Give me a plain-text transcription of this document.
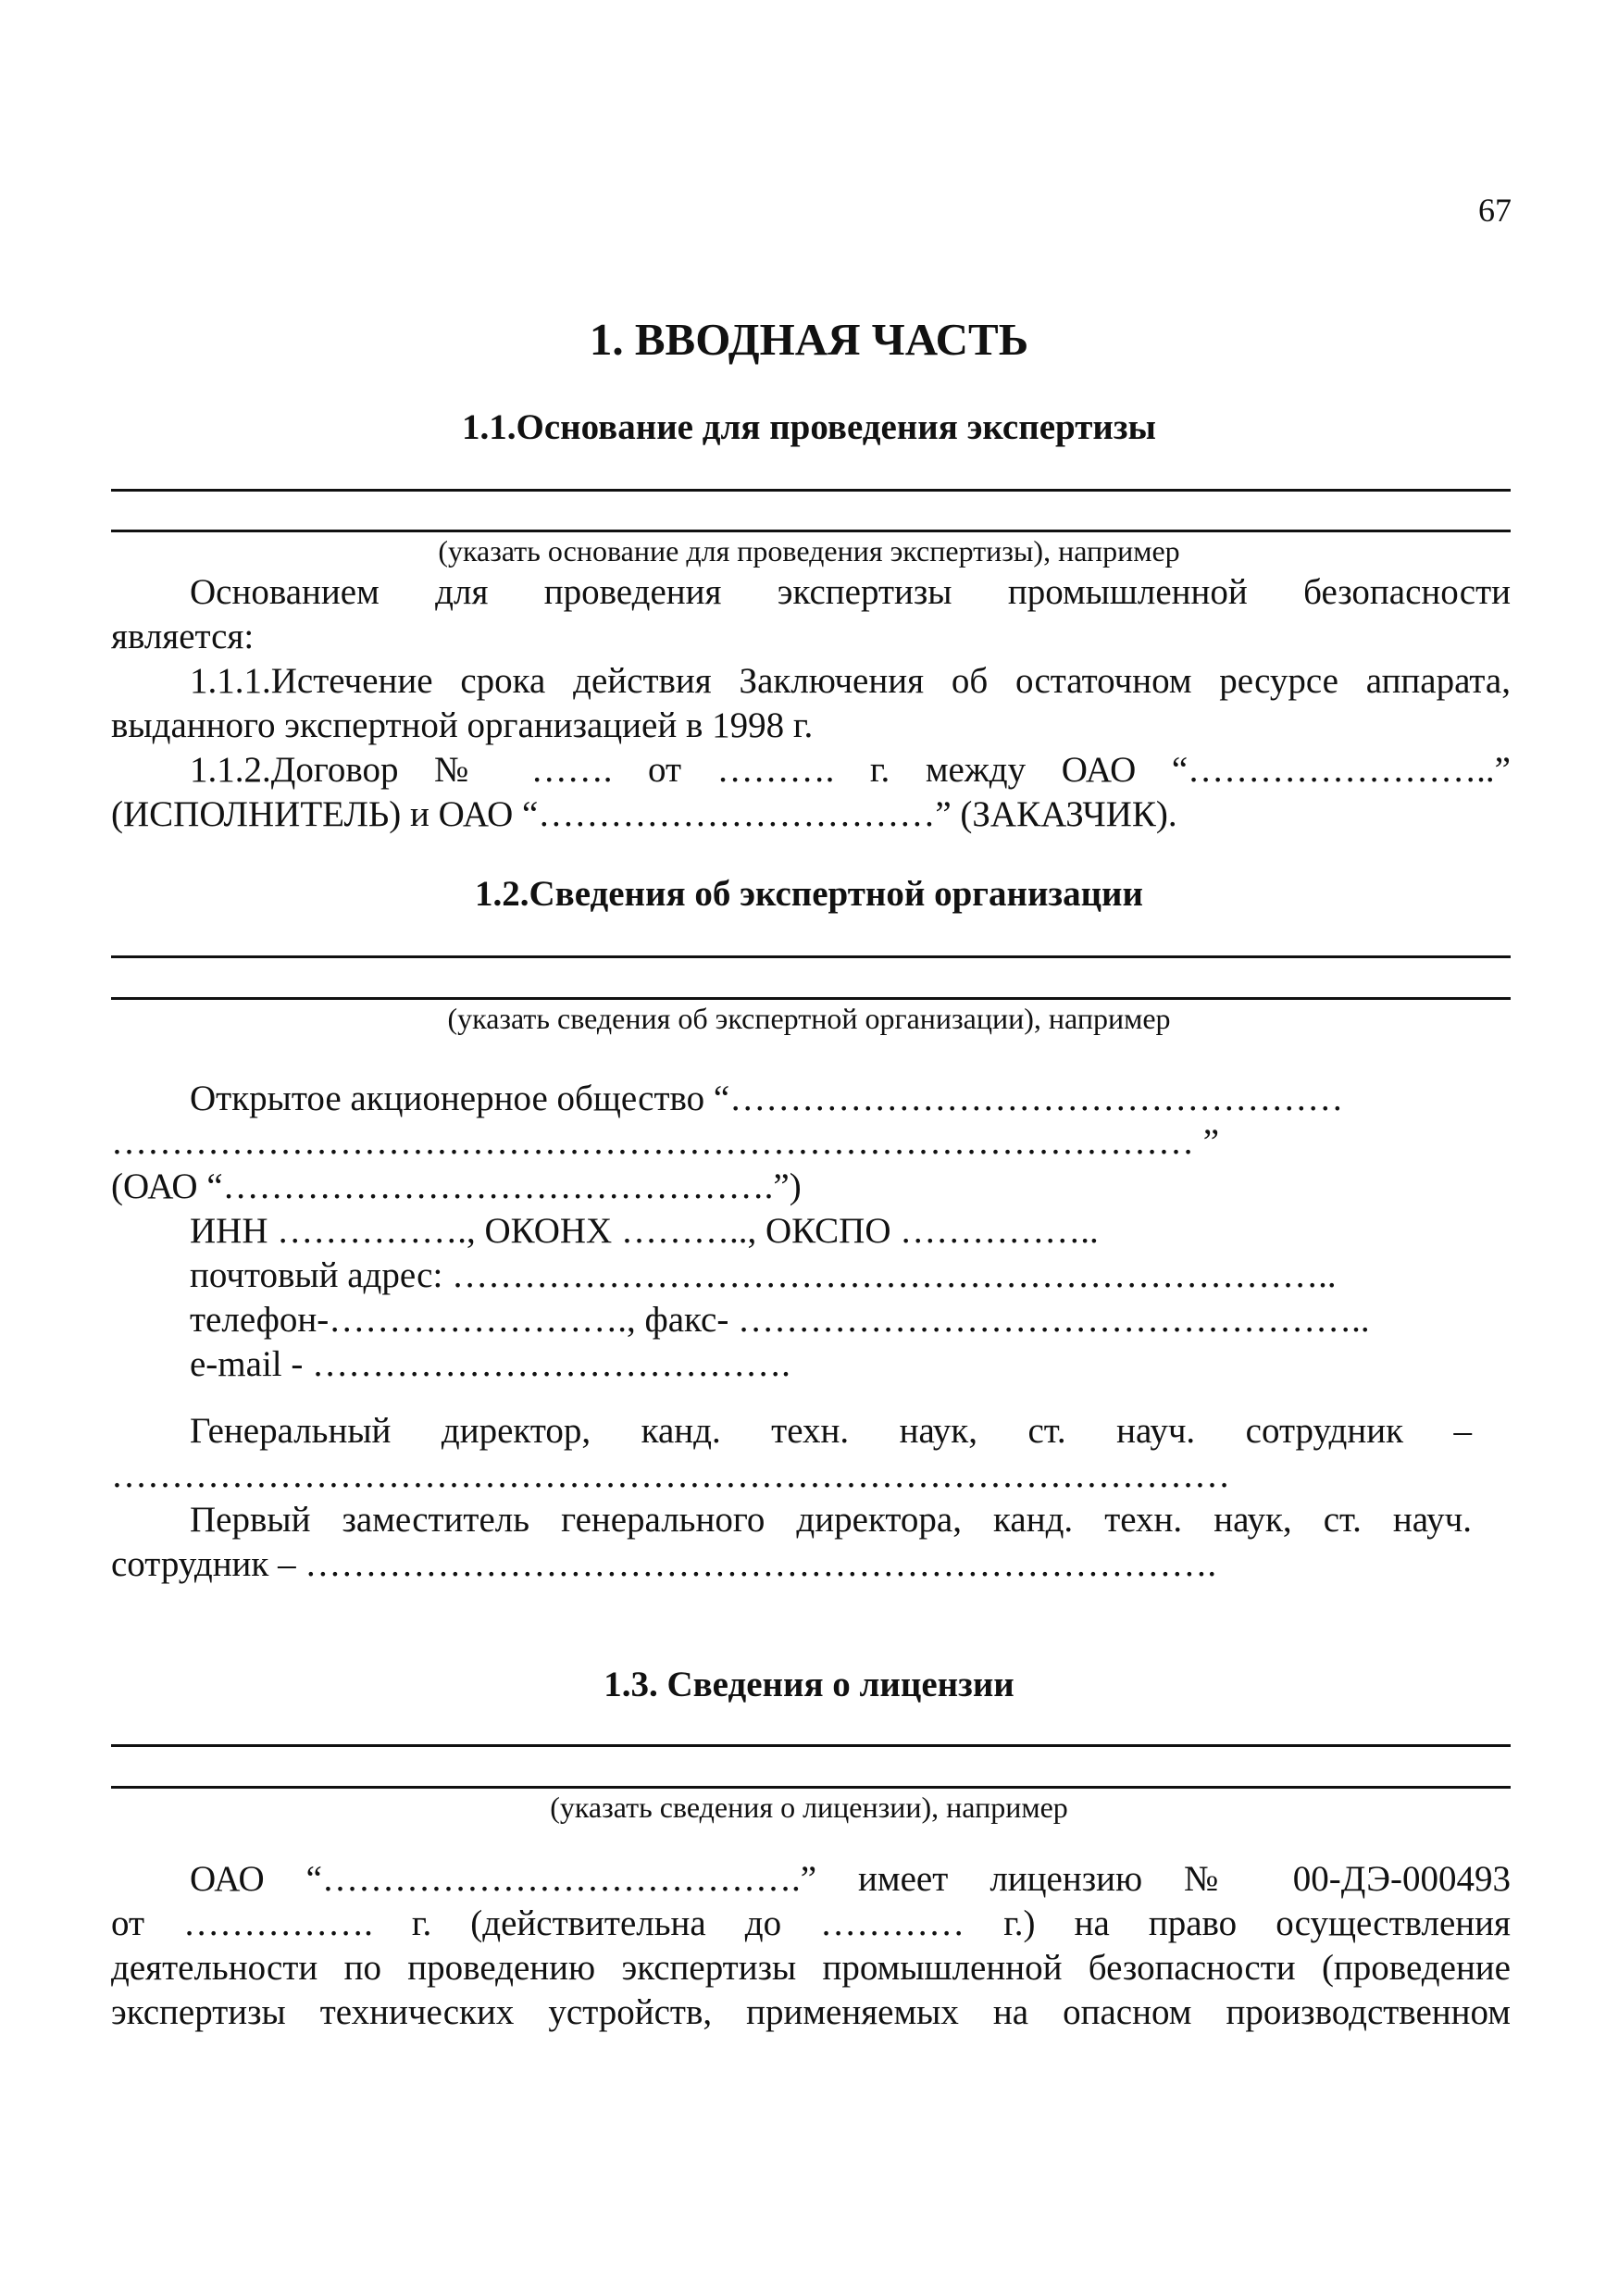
67
1. ВВОДНАЯ ЧАСТЬ
1.1.Основание для проведения экспертизы
(указать основание для проведения экспертизы), например
Основанием для проведения экспертизы промышленной безопасности
является:
1.1.1.Истечение срока действия Заключения об остаточном ресурсе аппарата,
выданного экспертной организацией в 1998 г.
1.1.2.Договор № ……. от ………. г. между ОАО “……………………..”
(ИСПОЛНИТЕЛЬ) и ОАО “……………………………” (ЗАКАЗЧИК).
1.2.Сведения об экспертной организации
(указать сведения об экспертной организации), например
Открытое акционерное общество “……………………………………………
……………………………………………………………………………… ”
(ОАО “……………………………………….”)
ИНН ……………., ОКОНХ ……….., ОКСПО ……………..
почтовый адрес: ………………………………………………………………..
телефон-……………………., факс- ……………………………………………..
e-mail - ………………………………….
Генеральный директор, канд. техн. наук, ст. науч. сотрудник –
…………………………………………………………………………………
Первый заместитель генерального директора, канд. техн. наук, ст. науч.
сотрудник – ………………………………………………………………….
1.3. Сведения о лицензии
(указать сведения о лицензии), например
ОАО “………………………………….” имеет лицензию № 00-ДЭ-000493
от ……………. г. (действительна до ………… г.) на право осуществления
деятельности по проведению экспертизы промышленной безопасности (проведение
экспертизы технических устройств, применяемых на опасном производственном
